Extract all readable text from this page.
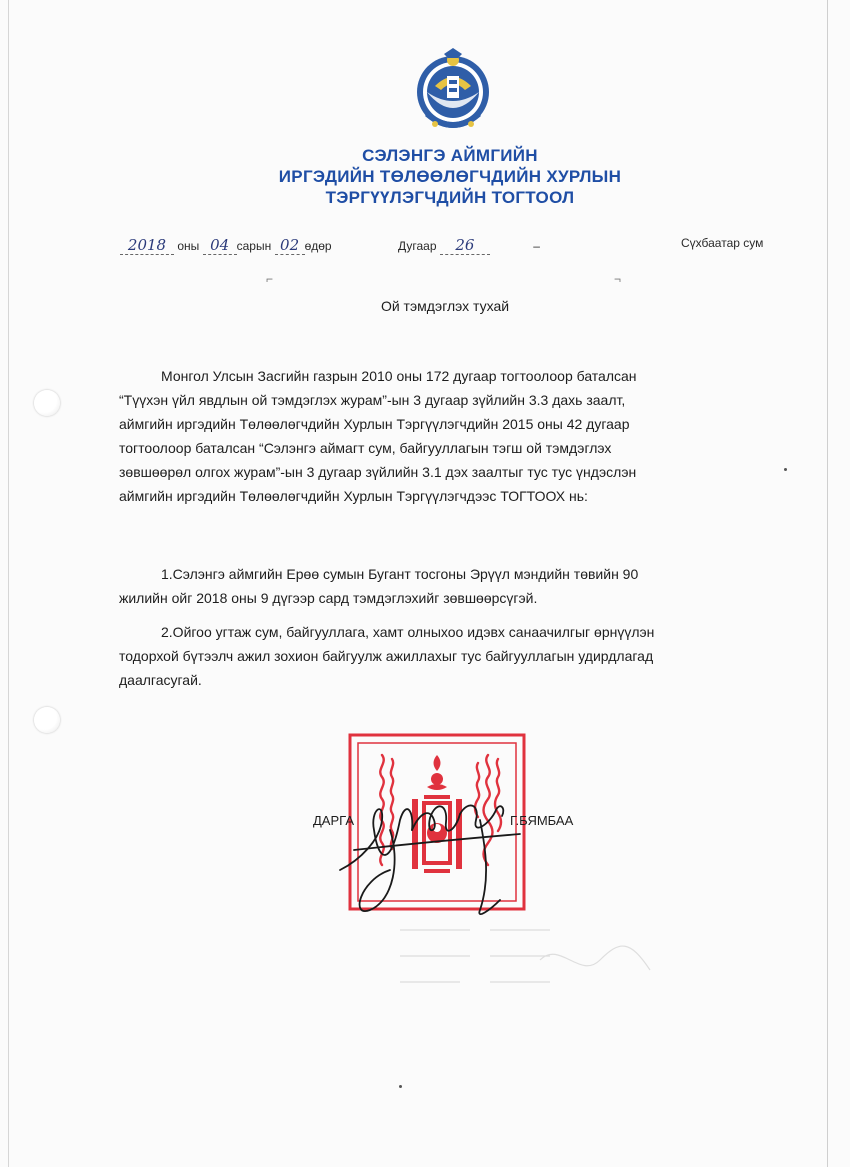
СЭЛЭНГЭ АЙМГИЙН
ИРГЭДИЙН ТӨЛӨӨЛӨГЧДИЙН ХУРЛЫН
ТЭРГҮҮЛЭГЧДИЙН ТОГТООЛ
2018 оны 04 сарын 02 өдөр	Дугаар 26	‒	Сүхбаатар сум
⌐	¬
Ой тэмдэглэх тухай
Монгол Улсын Засгийн газрын 2010 оны 172 дугаар тогтоолоор баталсан
“Түүхэн үйл явдлын ой тэмдэглэх журам”-ын 3 дугаар зүйлийн 3.3 дахь заалт,
аймгийн иргэдийн Төлөөлөгчдийн Хурлын Тэргүүлэгчдийн 2015 оны 42 дугаар
тогтоолоор баталсан “Сэлэнгэ аймагт сум, байгууллагын тэгш ой тэмдэглэх
зөвшөөрөл олгох журам”-ын 3 дугаар зүйлийн 3.1 дэх заалтыг тус тус үндэслэн
аймгийн иргэдийн Төлөөлөгчдийн Хурлын Тэргүүлэгчдээс ТОГТООХ нь:
1.Сэлэнгэ аймгийн Ерөө сумын Бугант тосгоны Эрүүл мэндийн төвийн 90
жилийн ойг 2018 оны 9 дүгээр сард тэмдэглэхийг зөвшөөрсүгэй.
2.Ойгоо угтаж сум, байгууллага, хамт олныхоо идэвх санаачилгыг өрнүүлэн
тодорхой бүтээлч ажил зохион байгуулж ажиллахыг тус байгууллагын удирдлагад
даалгасугай.
ДАРГА	Г.БЯМБАА
